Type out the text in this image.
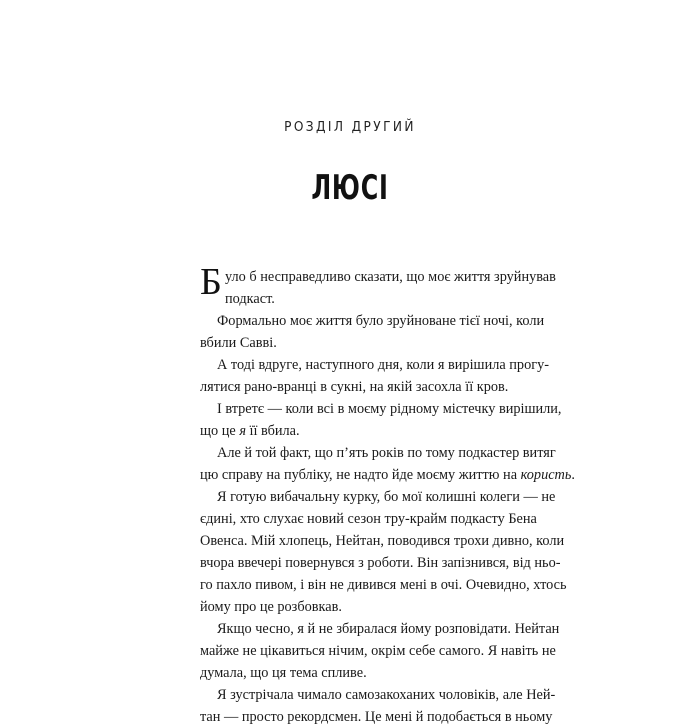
РОЗДІЛ ДРУГИЙ
ЛЮСІ
Б уло б несправедливо сказати, що моє життя зруйнував
подкаст.
Формально моє життя було зруйноване тієї ночі, коли
вбили Савві.
А тоді вдруге, наступного дня, коли я вирішила прогу-
лятися рано-вранці в сукні, на якій засохла її кров.
І втретє — коли всі в моєму рідному містечку вирішили,
що це я її вбила.
Але й той факт, що п’ять років по тому подкастер витяг
цю справу на публіку, не надто йде моєму життю на користь.
Я готую вибачальну курку, бо мої колишні колеги — не
єдині, хто слухає новий сезон тру-крайм подкасту Бена
Овенса. Мій хлопець, Нейтан, поводився трохи дивно, коли
вчора ввечері повернувся з роботи. Він запізнився, від ньо-
го пахло пивом, і він не дивився мені в очі. Очевидно, хтось
йому про це розбовкав.
Якщо чесно, я й не збиралася йому розповідати. Нейтан
майже не цікавиться нічим, окрім себе самого. Я навіть не
думала, що ця тема спливе.
Я зустрічала чимало самозакоханих чоловіків, але Ней-
тан — просто рекордсмен. Це мені й подобається в ньому
